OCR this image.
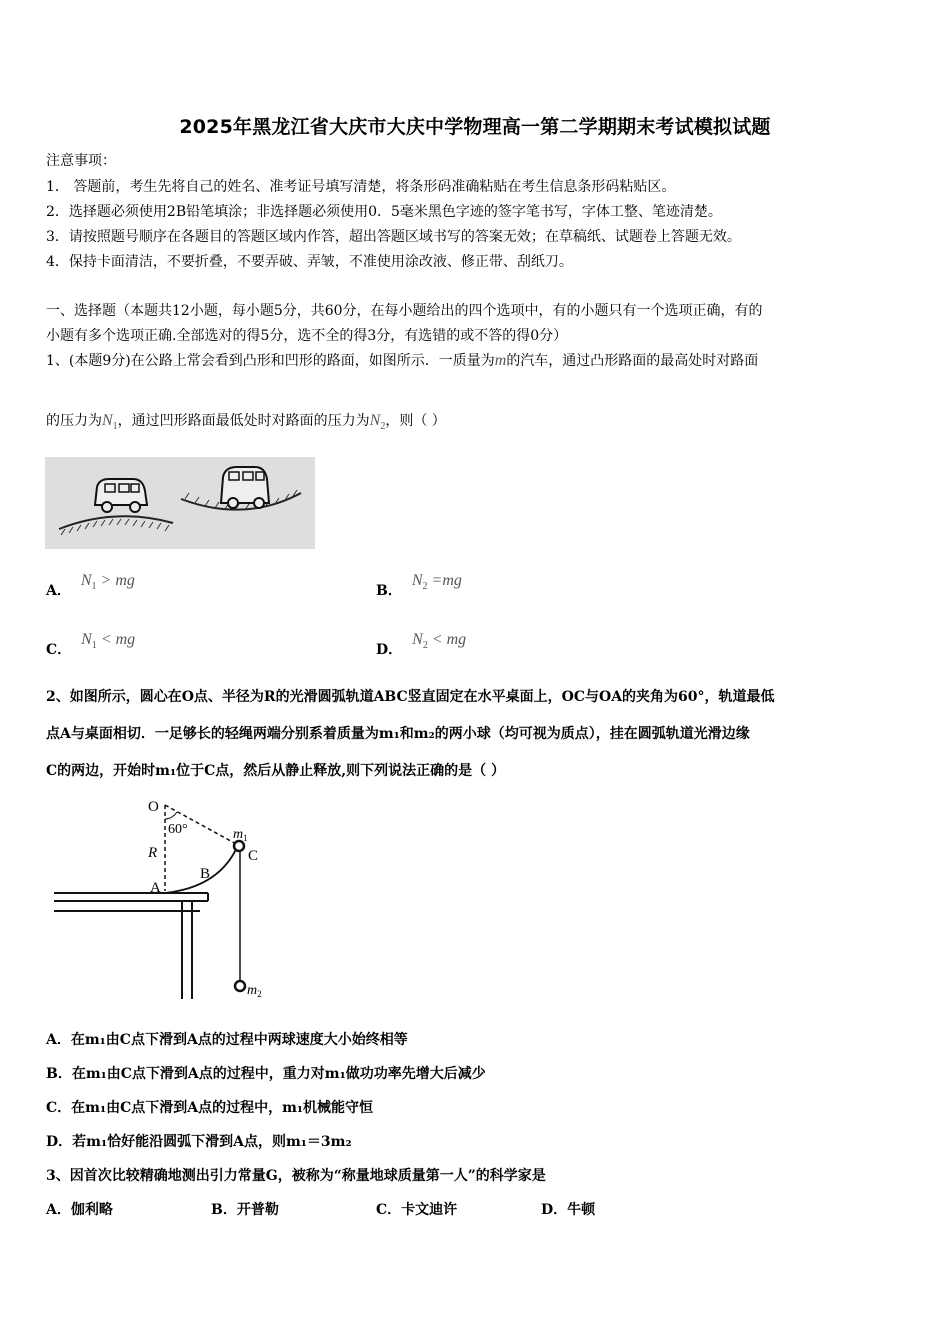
2025年黑龙江省大庆市大庆中学物理高一第二学期期末考试模拟试题
注意事项：
1． 答题前，考生先将自己的姓名、准考证号填写清楚，将条形码准确粘贴在考生信息条形码粘贴区。
2．选择题必须使用2B铅笔填涂；非选择题必须使用0．5毫米黑色字迹的签字笔书写，字体工整、笔迹清楚。
3．请按照题号顺序在各题目的答题区域内作答，超出答题区域书写的答案无效；在草稿纸、试题卷上答题无效。
4．保持卡面清洁，不要折叠，不要弄破、弄皱，不准使用涂改液、修正带、刮纸刀。
一、选择题（本题共12小题，每小题5分，共60分，在每小题给出的四个选项中，有的小题只有一个选项正确，有的
小题有多个选项正确.全部选对的得5分，选不全的得3分，有选错的或不答的得0分）
1、(本题9分)在公路上常会看到凸形和凹形的路面，如图所示．一质量为m的汽车，通过凸形路面的最高处时对路面
的压力为$N_1$，通过凹形路面最低处时对路面的压力为$N_2$，则（ ）
A．$N_1$ > mg
B．$N_2 =mg$
C．$N_1$ < mg
D．$N_2$ < mg
2、如图所示，圆心在O点、半径为R的光滑圆弧轨道ABC竖直固定在水平桌面上，OC与OA的夹角为60°，轨道最低
点A与桌面相切．一足够长的轻绳两端分别系着质量为m₁和m₂的两小球（均可视为质点），挂在圆弧轨道光滑边缘
C的两边，开始时m₁位于C点，然后从静止释放,则下列说法正确的是（ ）
O
60°
R
A
B
C
$m_1$
$m_2$
A．在m₁由C点下滑到A点的过程中两球速度大小始终相等
B．在m₁由C点下滑到A点的过程中，重力对m₁做功功率先增大后减少
C．在m₁由C点下滑到A点的过程中，m₁机械能守恒
D．若m₁恰好能沿圆弧下滑到A点，则m₁＝3m₂
3、因首次比较精确地测出引力常量G，被称为“称量地球质量第一人”的科学家是
A．伽利略	B．开普勒	C．卡文迪许	D．牛顿
